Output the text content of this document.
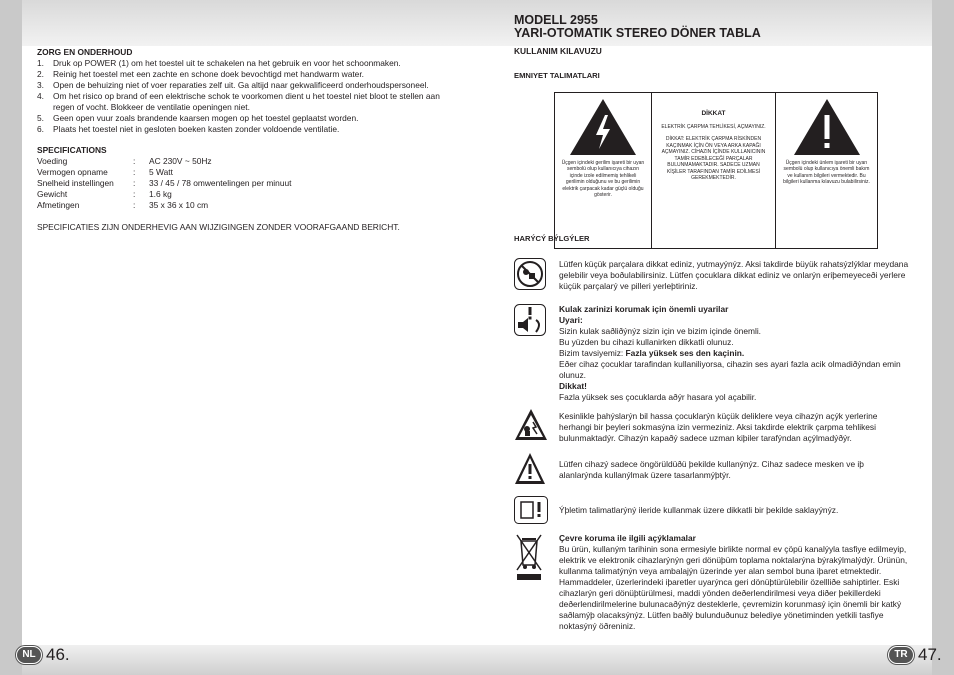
ZORG EN ONDERHOUD
1.	Druk op POWER (1) om het toestel uit te schakelen na het gebruik en voor het schoonmaken.
2.	Reinig het toestel met een zachte en schone doek bevochtigd met handwarm water.
3.	Open de behuizing niet of voer reparaties zelf uit. Ga altijd naar gekwalificeerd onderhoudspersoneel.
4.	Om het risico op brand of een elektrische schok te voorkomen dient u het toestel niet bloot te stellen aan regen of vocht. Blokkeer de ventilatie openingen niet.
5.	Geen open vuur zoals brandende kaarsen mogen op het toestel geplaatst worden.
6.	Plaats het toestel niet in gesloten boeken kasten zonder voldoende ventilatie.
SPECIFICATIONS
Voeding	:	AC 230V ~ 50Hz
Vermogen opname	:	5 Watt
Snelheid instellingen	:	33 / 45 / 78 omwentelingen per minuut
Gewicht	:	1.6 kg
Afmetingen	:	35 x 36 x 10 cm
SPECIFICATIES ZIJN ONDERHEVIG AAN WIJZIGINGEN ZONDER VOORAFGAAND BERICHT.
NL 46.
MODELL 2955
YARI-OTOMATIK STEREO DÖNER TABLA
KULLANIM KILAVUZU
EMNIYET TALIMATLARI
Üçgen içindeki gerilim işareti bir uyarı sembolü olup kullanıcıya cihazın içinde izole edilmemiş tehlikeli gerilimin olduğunu ve bu gerilimin elektrik çarpacak kadar güçlü olduğu gösterir.
DİKKAT
ELEKTRİK ÇARPMA TEHLİKESİ, AÇMAYINIZ.
DİKKAT: ELEKTRİK ÇARPMA RİSKİNDEN KAÇINMAK İÇİN ÖN VEYA ARKA KAPAĞI AÇMAYINIZ. CİHAZIN İÇİNDE KULLANICININ TAMİR EDEBİLECEĞİ PARÇALAR BULUNMAMAKTADIR. SADECE UZMAN KİŞİLER TARAFINDAN TAMİR EDİLMESİ GEREKMEKTEDİR.
Üçgen içindeki ünlem işareti bir uyarı sembolü olup kullanıcıya önemli bakım ve kullanım bilgileri vermektedir. Bu bilgileri kullanma kılavuzu bulabilirsiniz.
HARÝCÝ BÝLGÝLER
Lütfen küçük parçalara dikkat ediniz, yutmayýnýz. Aksi takdirde büyük rahatsýzlýklar meydana gelebilir veya boðulabilirsiniz. Lütfen çocuklara dikkat ediniz ve onlarýn eriþemeyeceði yerlere küçük parçalarý ve pilleri yerleþtiriniz.
Kulak zarinizi korumak için önemli uyarilar
Uyari:
Sizin kulak saðliðýnýz sizin için ve bizim içinde önemli.
Bu yüzden bu cihazi kullanirken dikkatli olunuz.
Bizim tavsiyemiz: Fazla yüksek ses den kaçinin.
Eðer cihaz çocuklar tarafindan kullaniliyorsa, cihazin ses ayari fazla acik olmadiðýndan emin olunuz.
Dikkat!
Fazla yüksek ses çocuklarda aðýr hasara yol açabilir.
Kesinlikle þahýslarýn bil hassa çocuklarýn küçük deliklere veya cihazýn açýk yerlerine herhangi bir þeyleri sokmasýna izin vermeziniz. Aksi takdirde elektrik çarpma tehlikesi bulunmaktadýr. Cihazýn kapaðý sadece uzman kiþiler tarafýndan açýlmadýðýr.
Lütfen cihazý sadece öngörüldüðü þekilde kullanýnýz. Cihaz sadece mesken ve iþ alanlarýnda kullanýlmak üzere tasarlanmýþtýr.
Ýþletim talimatlarýný ileride kullanmak üzere dikkatli bir þekilde saklayýnýz.
Çevre koruma ile ilgili açýklamalar
Bu ürün, kullaným tarihinin sona ermesiyle birlikte normal ev çöpü kanalýyla tasfiye edilmeyip, elektrik ve elektronik cihazlarýnýn geri dönüþüm toplama noktalarýna býrakýlmalýdýr. Ürünün, kullanma talimatýnýn veya ambalajýn üzerinde yer alan sembol buna iþaret etmektedir. Hammaddeler, üzerlerindeki iþaretler uyarýnca geri dönüþtürülebilir özellliðe sahiptirler. Eski cihazlarýn geri dönüþtürülmesi, maddi yönden deðerlendirilmesi veya diðer þekillerdeki deðerlendirilmelerine bulunacaðýnýz desteklerle, çevremizin korunmasý için önemli bir katký saðlamýþ olacaksýnýz. Lütfen baðlý bulunduðunuz belediye yönetiminden yetkili tasfiye noktasýný öðreniniz.
TR 47.
